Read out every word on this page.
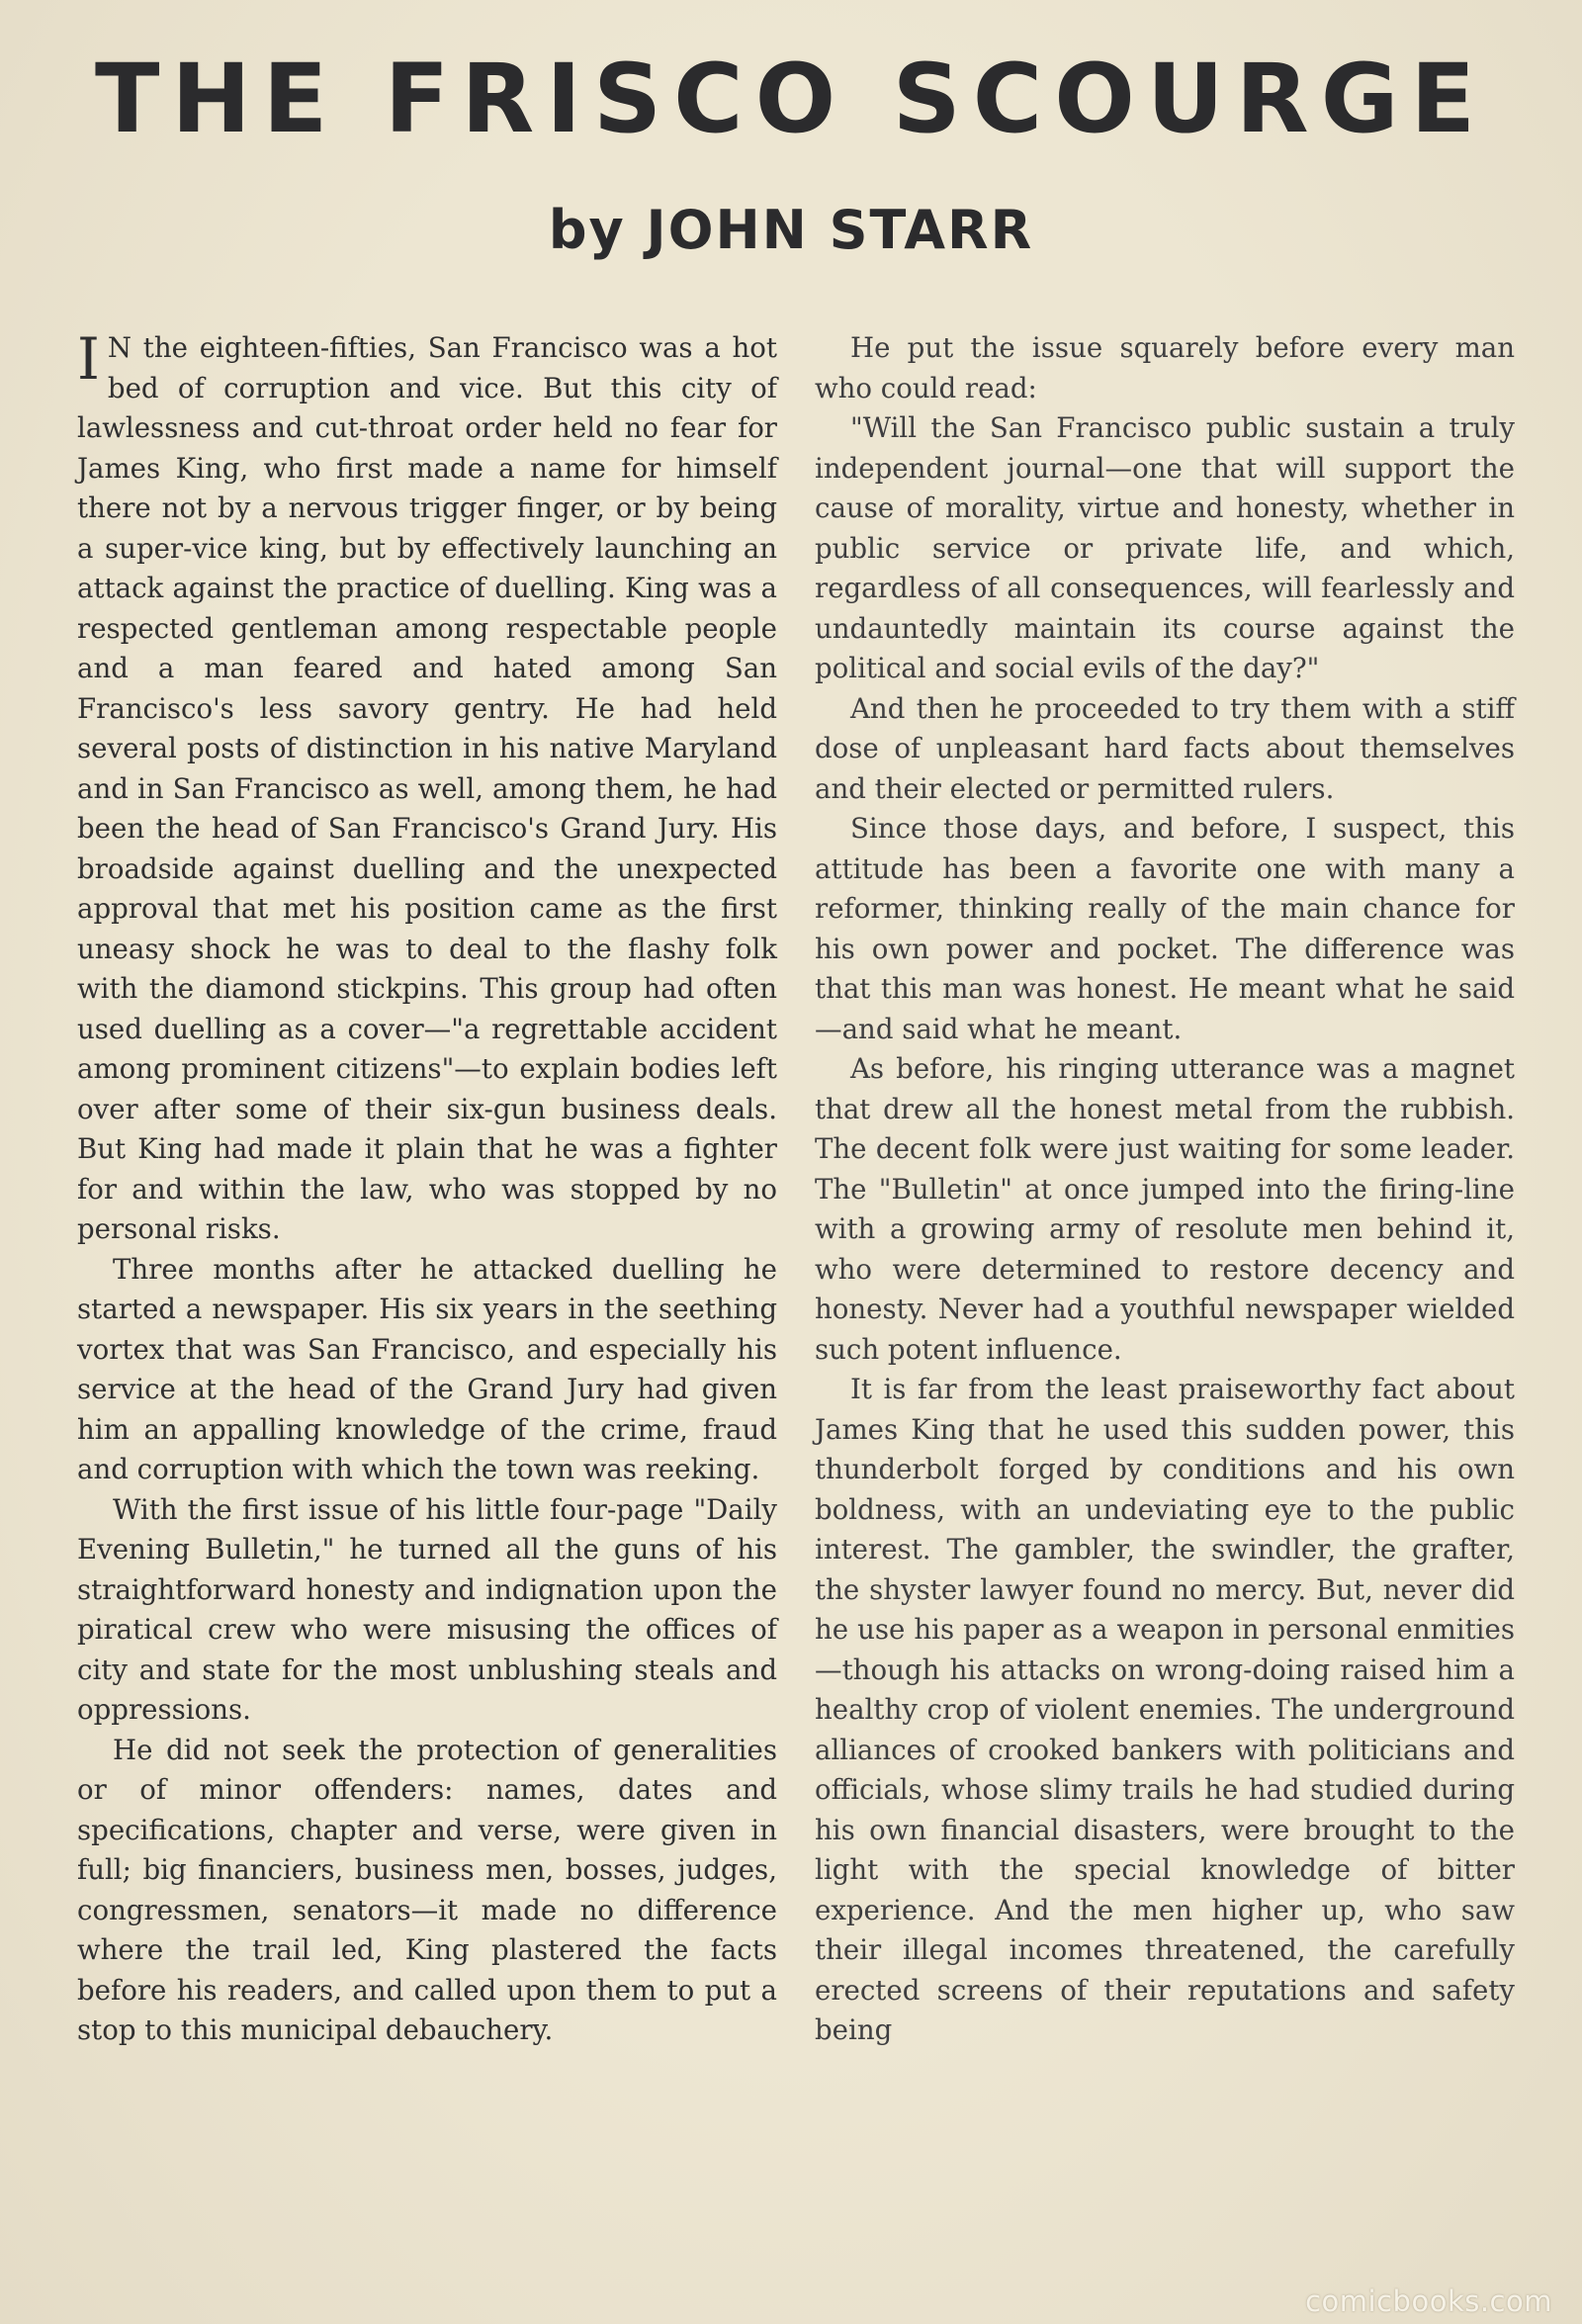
THE FRISCO SCOURGE
by JOHN STARR

I N the eighteen-fifties, San Francisco was a hot bed of corruption and vice. But this city of lawlessness and cut-throat order held no fear for James King, who first made a name for himself there not by a nervous trigger finger, or by being a super-vice king, but by effectively launching an attack against the practice of duelling. King was a respected gentleman among respectable people and a man feared and hated among San Francisco's less savory gentry. He had held several posts of distinction in his native Maryland and in San Francisco as well, among them, he had been the head of San Francisco's Grand Jury. His broadside against duelling and the unexpected approval that met his position came as the first uneasy shock he was to deal to the flashy folk with the diamond stickpins. This group had often used duelling as a cover—"a regrettable accident among prominent citizens"—to explain bodies left over after some of their six-gun business deals. But King had made it plain that he was a fighter for and within the law, who was stopped by no personal risks.

Three months after he attacked duelling he started a newspaper. His six years in the seething vortex that was San Francisco, and especially his service at the head of the Grand Jury had given him an appalling knowledge of the crime, fraud and corruption with which the town was reeking.

With the first issue of his little four-page "Daily Evening Bulletin," he turned all the guns of his straightforward honesty and indignation upon the piratical crew who were misusing the offices of city and state for the most unblushing steals and oppressions.

He did not seek the protection of generalities or of minor offenders: names, dates and specifications, chapter and verse, were given in full; big financiers, business men, bosses, judges, congressmen, senators—it made no difference where the trail led, King plastered the facts before his readers, and called upon them to put a stop to this municipal debauchery.

He put the issue squarely before every man who could read:

"Will the San Francisco public sustain a truly independent journal—one that will support the cause of morality, virtue and honesty, whether in public service or private life, and which, regardless of all consequences, will fearlessly and undauntedly maintain its course against the political and social evils of the day?"

And then he proceeded to try them with a stiff dose of unpleasant hard facts about themselves and their elected or permitted rulers.

Since those days, and before, I suspect, this attitude has been a favorite one with many a reformer, thinking really of the main chance for his own power and pocket. The difference was that this man was honest. He meant what he said—and said what he meant.

As before, his ringing utterance was a magnet that drew all the honest metal from the rubbish. The decent folk were just waiting for some leader. The "Bulletin" at once jumped into the firing-line with a growing army of resolute men behind it, who were determined to restore decency and honesty. Never had a youthful newspaper wielded such potent influence.

It is far from the least praiseworthy fact about James King that he used this sudden power, this thunderbolt forged by conditions and his own boldness, with an undeviating eye to the public interest. The gambler, the swindler, the grafter, the shyster lawyer found no mercy. But, never did he use his paper as a weapon in personal enmities—though his attacks on wrong-doing raised him a healthy crop of violent enemies. The underground alliances of crooked bankers with politicians and officials, whose slimy trails he had studied during his own financial disasters, were brought to the light with the special knowledge of bitter experience. And the men higher up, who saw their illegal incomes threatened, the carefully erected screens of their reputations and safety being

comicbooks.com
